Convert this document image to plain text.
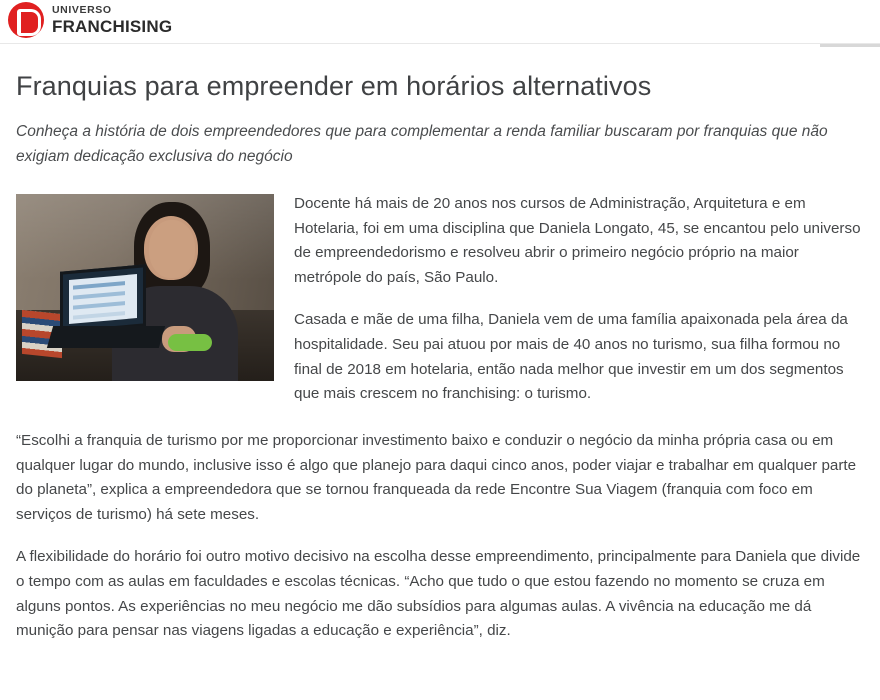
UNIVERSO
FRANCHISING
Franquias para empreender em horários alternativos

Conheça a história de dois empreendedores que para complementar a renda familiar buscaram por franquias que não exigiam dedicação exclusiva do negócio

Docente há mais de 20 anos nos cursos de Administração, Arquitetura e em Hotelaria, foi em uma disciplina que Daniela Longato, 45, se encantou pelo universo de empreendedorismo e resolveu abrir o primeiro negócio próprio na maior metrópole do país, São Paulo.

Casada e mãe de uma filha, Daniela vem de uma família apaixonada pela área da hospitalidade. Seu pai atuou por mais de 40 anos no turismo, sua filha formou no final de 2018 em hotelaria, então nada melhor que investir em um dos segmentos que mais crescem no franchising: o turismo.

“Escolhi a franquia de turismo por me proporcionar investimento baixo e conduzir o negócio da minha própria casa ou em qualquer lugar do mundo, inclusive isso é algo que planejo para daqui cinco anos, poder viajar e trabalhar em qualquer parte do planeta”, explica a empreendedora que se tornou franqueada da rede Encontre Sua Viagem (franquia com foco em serviços de turismo) há sete meses.

A flexibilidade do horário foi outro motivo decisivo na escolha desse empreendimento, principalmente para Daniela que divide o tempo com as aulas em faculdades e escolas técnicas. “Acho que tudo o que estou fazendo no momento se cruza em alguns pontos. As experiências no meu negócio me dão subsídios para algumas aulas. A vivência na educação me dá munição para pensar nas viagens ligadas a educação e experiência”, diz.
